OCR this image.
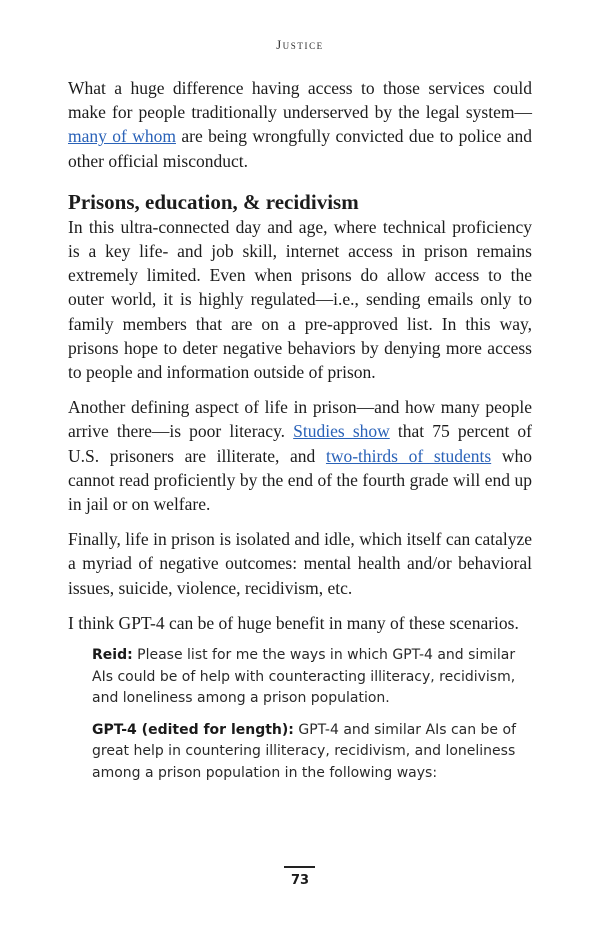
Justice

What a huge difference having access to those services could make for people traditionally underserved by the legal system—many of whom are being wrongfully convicted due to police and other official misconduct.

Prisons, education, & recidivism

In this ultra-connected day and age, where technical proficiency is a key life- and job skill, internet access in prison remains extremely limited. Even when prisons do allow access to the outer world, it is highly regulated—i.e., sending emails only to family members that are on a pre-approved list. In this way, prisons hope to deter negative behaviors by denying more access to people and information outside of prison.

Another defining aspect of life in prison—and how many people arrive there—is poor literacy. Studies show that 75 percent of U.S. prisoners are illiterate, and two-thirds of students who cannot read proficiently by the end of the fourth grade will end up in jail or on welfare.

Finally, life in prison is isolated and idle, which itself can catalyze a myriad of negative outcomes: mental health and/or behavioral issues, suicide, violence, recidivism, etc.

I think GPT-4 can be of huge benefit in many of these scenarios.

Reid: Please list for me the ways in which GPT-4 and similar AIs could be of help with counteracting illiteracy, recidivism, and loneliness among a prison population.

GPT-4 (edited for length): GPT-4 and similar AIs can be of great help in countering illiteracy, recidivism, and loneliness among a prison population in the following ways:

73
